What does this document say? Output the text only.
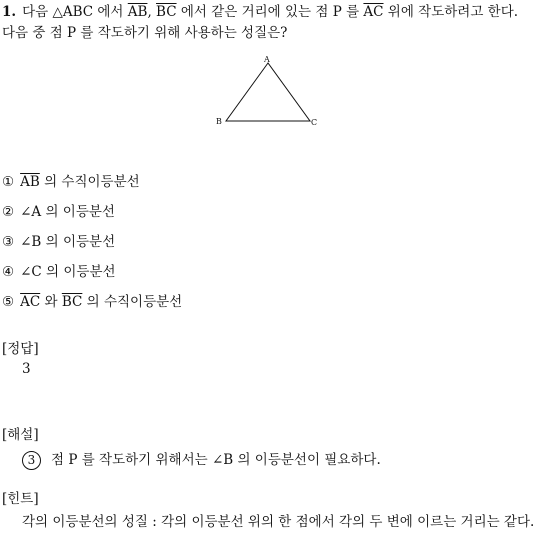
1. 다음 △ABC 에서 $\overline{AB}$, $\overline{BC}$ 에서 같은 거리에 있는 점 P 를 $\overline{AC}$ 위에 작도하려고 한다. 다음 중 점 P 를 작도하기 위해 사용하는 성질은?
A
B	C
① $\overline{AB}$ 의 수직이등분선
② ∠A 의 이등분선
③ ∠B 의 이등분선
④ ∠C 의 이등분선
⑤ $\overline{AC}$ 와 $\overline{BC}$ 의 수직이등분선
[정답]
3
[해설]
3 점 P 를 작도하기 위해서는 ∠B 의 이등분선이 필요하다.
[힌트]
각의 이등분선의 성질 : 각의 이등분선 위의 한 점에서 각의 두 변에 이르는 거리는 같다.
